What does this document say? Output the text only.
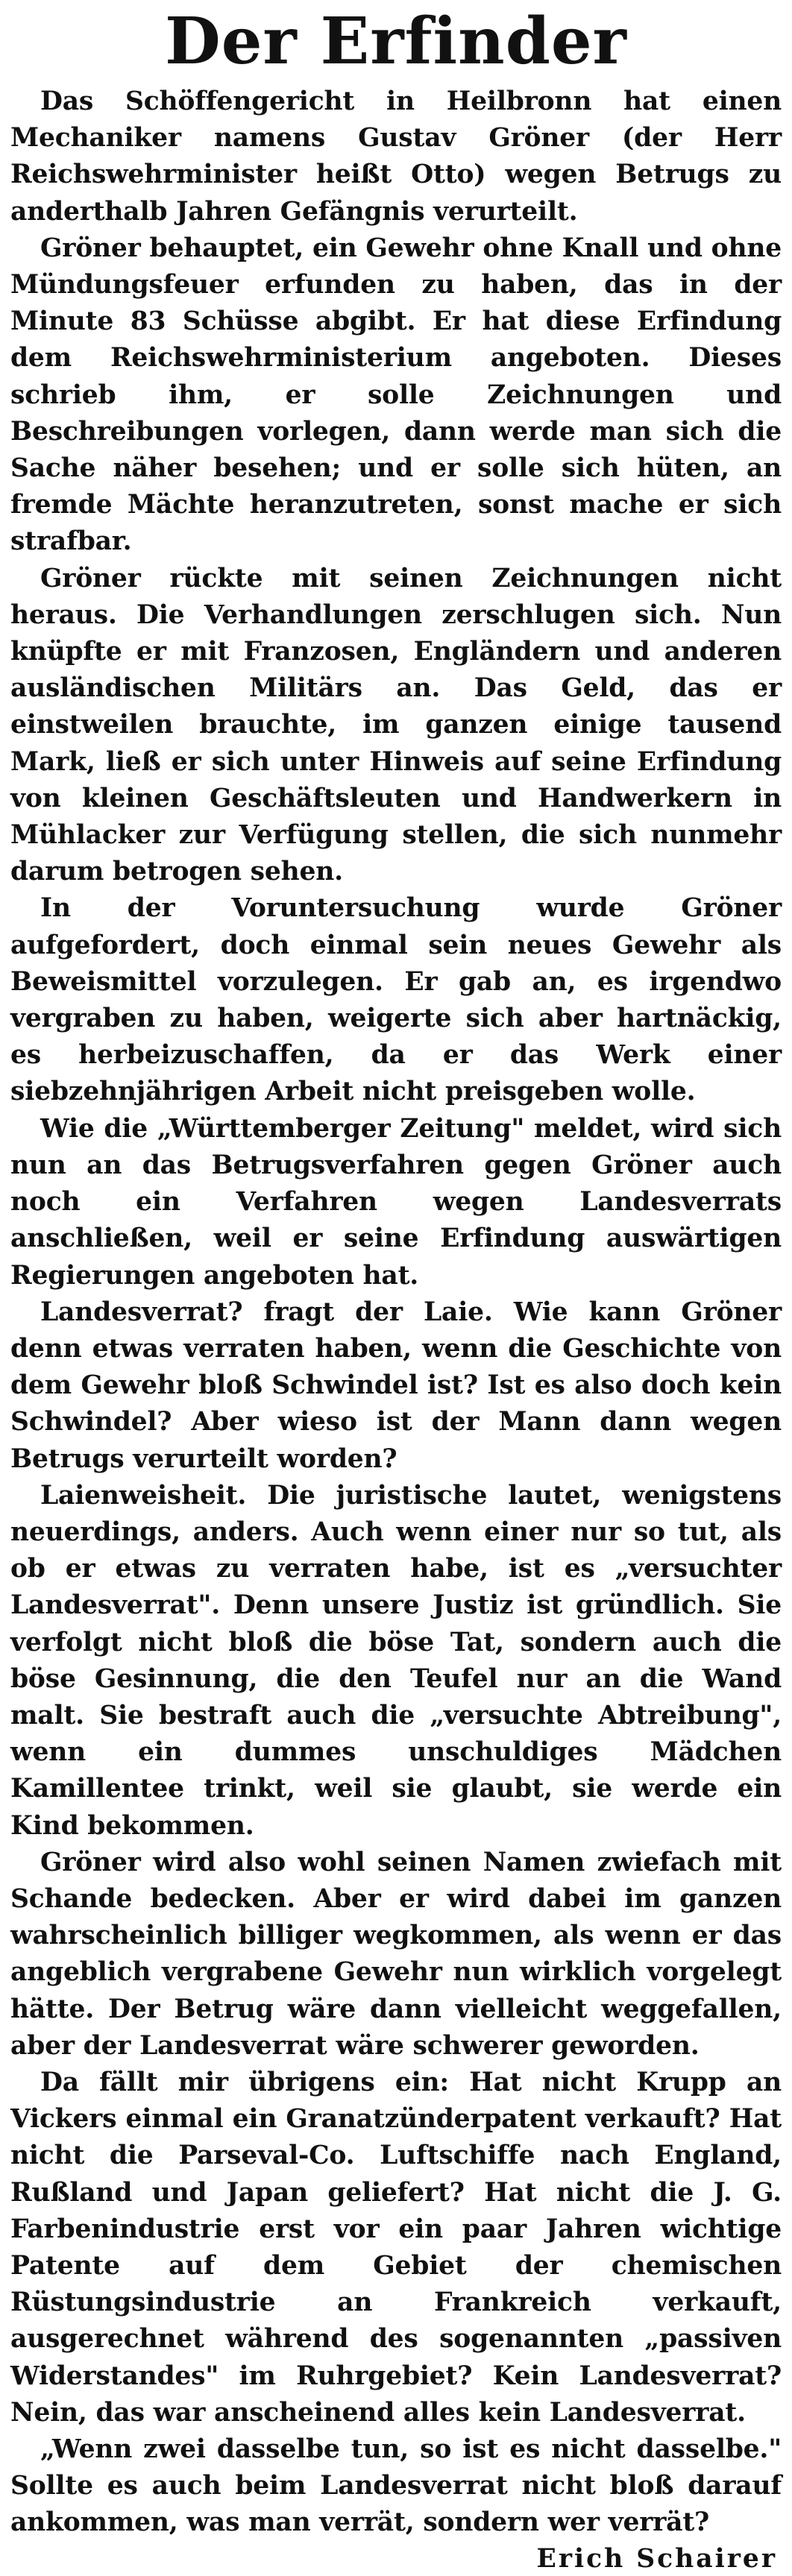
Der Erfinder

Das Schöffengericht in Heilbronn hat einen Mechaniker namens Gustav Gröner (der Herr Reichswehrminister heißt Otto) wegen Betrugs zu anderthalb Jahren Gefängnis verurteilt.

Gröner behauptet, ein Gewehr ohne Knall und ohne Mündungsfeuer erfunden zu haben, das in der Minute 83 Schüsse abgibt. Er hat diese Erfindung dem Reichswehrministerium angeboten. Dieses schrieb ihm, er solle Zeichnungen und Beschreibungen vorlegen, dann werde man sich die Sache näher besehen; und er solle sich hüten, an fremde Mächte heranzutreten, sonst mache er sich strafbar.

Gröner rückte mit seinen Zeichnungen nicht heraus. Die Verhandlungen zerschlugen sich. Nun knüpfte er mit Franzosen, Engländern und anderen ausländischen Militärs an. Das Geld, das er einstweilen brauchte, im ganzen einige tausend Mark, ließ er sich unter Hinweis auf seine Erfindung von kleinen Geschäftsleuten und Handwerkern in Mühlacker zur Verfügung stellen, die sich nunmehr darum betrogen sehen.

In der Voruntersuchung wurde Gröner aufgefordert, doch einmal sein neues Gewehr als Beweismittel vorzulegen. Er gab an, es irgendwo vergraben zu haben, weigerte sich aber hartnäckig, es herbeizuschaffen, da er das Werk einer siebzehnjährigen Arbeit nicht preisgeben wolle.

Wie die „Württemberger Zeitung" meldet, wird sich nun an das Betrugsverfahren gegen Gröner auch noch ein Verfahren wegen Landesverrats anschließen, weil er seine Erfindung auswärtigen Regierungen angeboten hat.

Landesverrat? fragt der Laie. Wie kann Gröner denn etwas verraten haben, wenn die Geschichte von dem Gewehr bloß Schwindel ist? Ist es also doch kein Schwindel? Aber wieso ist der Mann dann wegen Betrugs verurteilt worden?

Laienweisheit. Die juristische lautet, wenigstens neuerdings, anders. Auch wenn einer nur so tut, als ob er etwas zu verraten habe, ist es „versuchter Landesverrat". Denn unsere Justiz ist gründlich. Sie verfolgt nicht bloß die böse Tat, sondern auch die böse Gesinnung, die den Teufel nur an die Wand malt. Sie bestraft auch die „versuchte Abtreibung", wenn ein dummes unschuldiges Mädchen Kamillentee trinkt, weil sie glaubt, sie werde ein Kind bekommen.

Gröner wird also wohl seinen Namen zwiefach mit Schande bedecken. Aber er wird dabei im ganzen wahrscheinlich billiger wegkommen, als wenn er das angeblich vergrabene Gewehr nun wirklich vorgelegt hätte. Der Betrug wäre dann vielleicht weggefallen, aber der Landesverrat wäre schwerer geworden.

Da fällt mir übrigens ein: Hat nicht Krupp an Vickers einmal ein Granatzünderpatent verkauft? Hat nicht die Parseval-Co. Luftschiffe nach England, Rußland und Japan geliefert? Hat nicht die J. G. Farbenindustrie erst vor ein paar Jahren wichtige Patente auf dem Gebiet der chemischen Rüstungsindustrie an Frankreich verkauft, ausgerechnet während des sogenannten „passiven Widerstandes" im Ruhrgebiet? Kein Landesverrat? Nein, das war anscheinend alles kein Landesverrat.

„Wenn zwei dasselbe tun, so ist es nicht dasselbe." Sollte es auch beim Landesverrat nicht bloß darauf ankommen, was man verrät, sondern wer verrät?

Erich Schairer
